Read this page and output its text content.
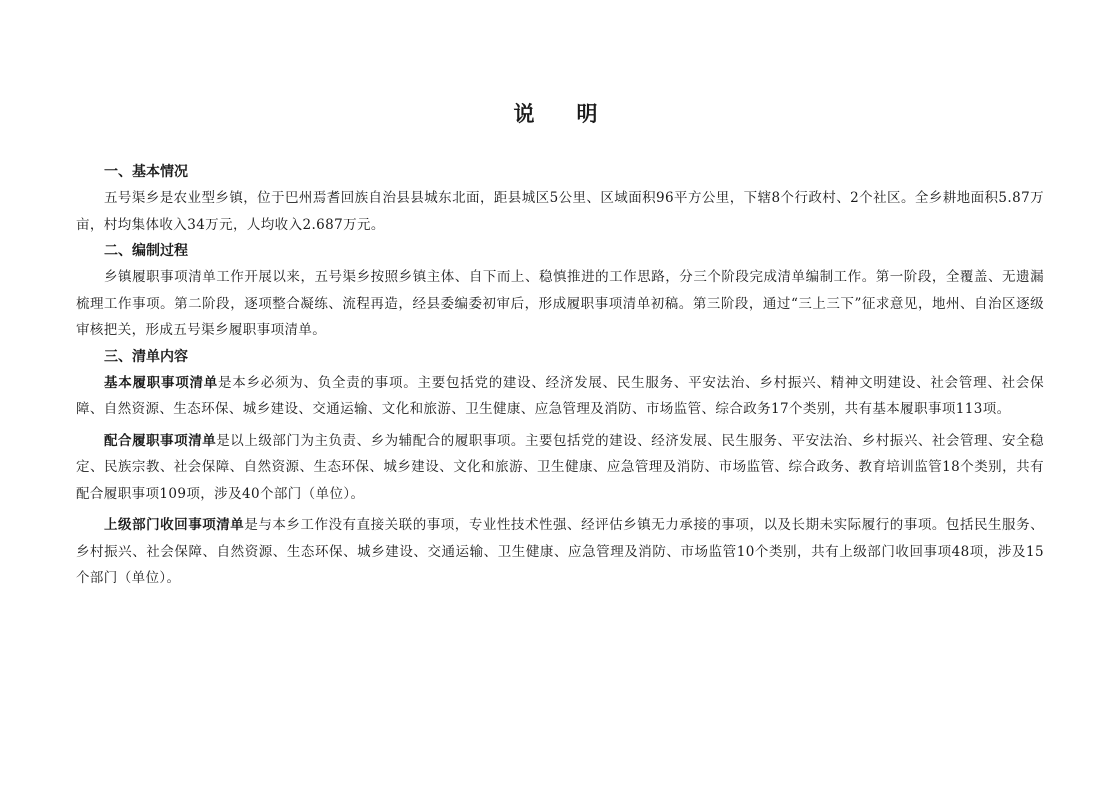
说　　明
一、基本情况

五号渠乡是农业型乡镇，位于巴州焉耆回族自治县县城东北面，距县城区5公里、区域面积96平方公里，下辖8个行政村、2个社区。全乡耕地面积5.87万亩，村均集体收入34万元，人均收入2.687万元。

二、编制过程

乡镇履职事项清单工作开展以来，五号渠乡按照乡镇主体、自下而上、稳慎推进的工作思路，分三个阶段完成清单编制工作。第一阶段，全覆盖、无遗漏梳理工作事项。第二阶段，逐项整合凝练、流程再造，经县委编委初审后，形成履职事项清单初稿。第三阶段，通过“三上三下”征求意见，地州、自治区逐级审核把关，形成五号渠乡履职事项清单。

三、清单内容

基本履职事项清单是本乡必须为、负全责的事项。主要包括党的建设、经济发展、民生服务、平安法治、乡村振兴、精神文明建设、社会管理、社会保障、自然资源、生态环保、城乡建设、交通运输、文化和旅游、卫生健康、应急管理及消防、市场监管、综合政务17个类别，共有基本履职事项113项。

配合履职事项清单是以上级部门为主负责、乡为辅配合的履职事项。主要包括党的建设、经济发展、民生服务、平安法治、乡村振兴、社会管理、安全稳定、民族宗教、社会保障、自然资源、生态环保、城乡建设、文化和旅游、卫生健康、应急管理及消防、市场监管、综合政务、教育培训监管18个类别，共有配合履职事项109项，涉及40个部门（单位）。

上级部门收回事项清单是与本乡工作没有直接关联的事项，专业性技术性强、经评估乡镇无力承接的事项，以及长期未实际履行的事项。包括民生服务、乡村振兴、社会保障、自然资源、生态环保、城乡建设、交通运输、卫生健康、应急管理及消防、市场监管10个类别，共有上级部门收回事项48项，涉及15个部门（单位）。
